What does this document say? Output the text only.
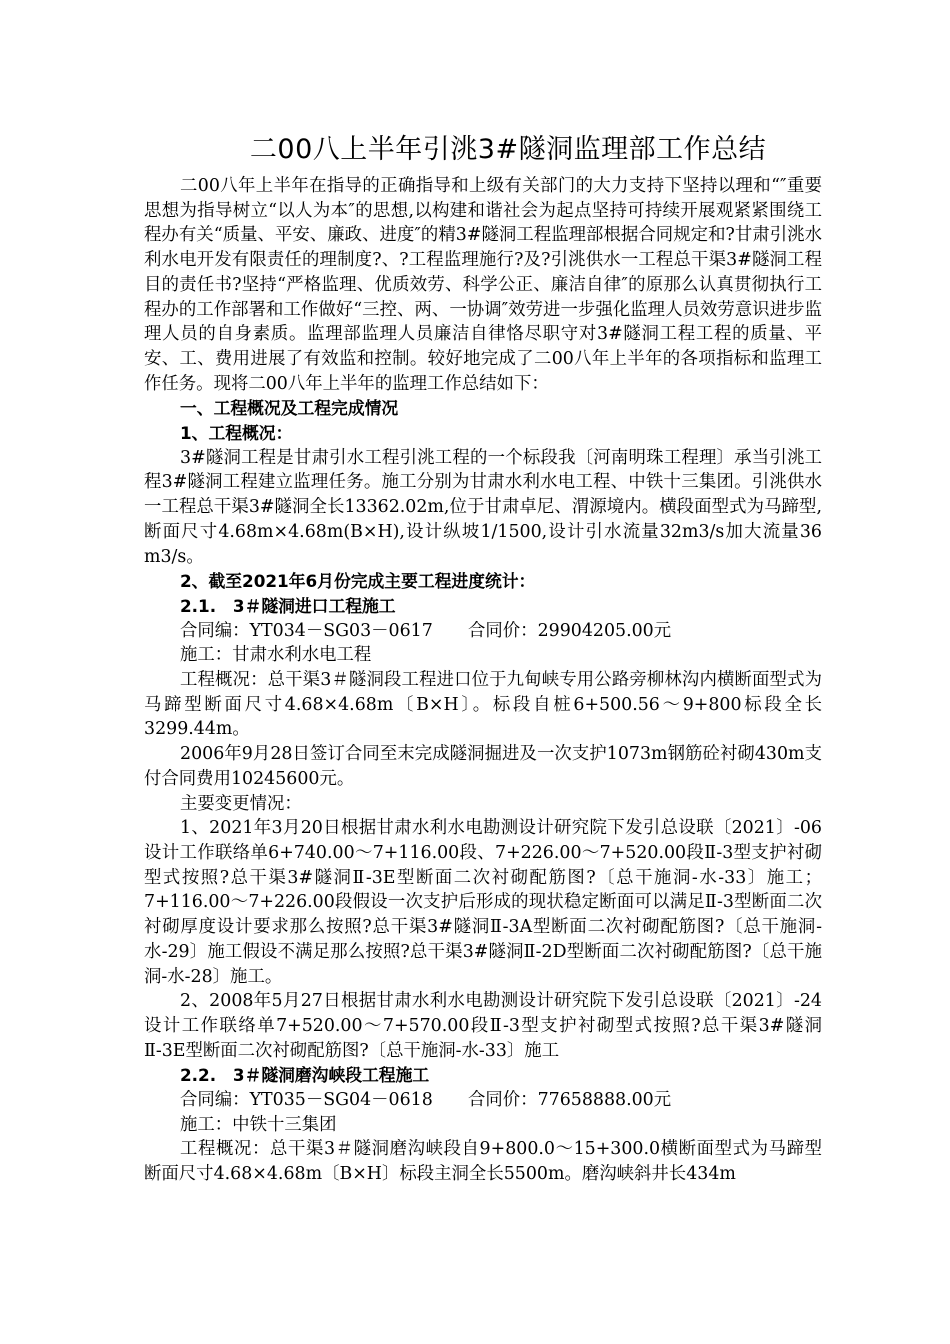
二00八上半年引洮3#隧洞监理部工作总结

二00八年上半年在指导的正确指导和上级有关部门的大力支持下坚持以理和“″重要思想为指导树立“以人为本″的思想,以构建和谐社会为起点坚持可持续开展观紧紧围绕工程办有关“质量、平安、廉政、进度″的精3#隧洞工程监理部根据合同规定和?甘肃引洮水利水电开发有限责任的理制度?、?工程监理施行?及?引洮供水一工程总干渠3#隧洞工程目的责任书?坚持“严格监理、优质效劳、科学公正、廉洁自律″的原那么认真贯彻执行工程办的工作部署和工作做好“三控、两、一协调″效劳进一步强化监理人员效劳意识进步监理人员的自身素质。监理部监理人员廉洁自律恪尽职守对3#隧洞工程工程的质量、平安、工、费用进展了有效监和控制。较好地完成了二00八年上半年的各项指标和监理工作任务。现将二00八年上半年的监理工作总结如下：

一、工程概况及工程完成情况

1、工程概况：

3#隧洞工程是甘肃引水工程引洮工程的一个标段我〔河南明珠工程理〕承当引洮工程3#隧洞工程建立监理任务。施工分别为甘肃水利水电工程、中铁十三集团。引洮供水一工程总干渠3#隧洞全长13362.02m,位于甘肃卓尼、渭源境内。横段面型式为马蹄型,断面尺寸4.68m×4.68m(B×H),设计纵坡1/1500,设计引水流量32m3/s加大流量36 m3/s。

2、截至2021年6月份完成主要工程进度统计：

2.1.　3＃隧洞进口工程施工

合同编：YT034－SG03－0617	合同价：29904205.00元

施工：甘肃水利水电工程

工程概况：总干渠3＃隧洞段工程进口位于九甸峡专用公路旁柳林沟内横断面型式为马蹄型断面尺寸4.68×4.68m〔B×H〕。标段自桩6+500.56～9+800标段全长3299.44m。

2006年9月28日签订合同至末完成隧洞掘进及一次支护1073m钢筋砼衬砌430m支付合同费用10245600元。

主要变更情况：

1、2021年3月20日根据甘肃水利水电勘测设计研究院下发引总设联〔2021〕-06设计工作联络单6+740.00～7+116.00段、7+226.00～7+520.00段Ⅱ-3型支护衬砌型式按照?总干渠3#隧洞Ⅱ-3E型断面二次衬砌配筋图?〔总干施洞-水-33〕施工；7+116.00～7+226.00段假设一次支护后形成的现状稳定断面可以满足Ⅱ-3型断面二次衬砌厚度设计要求那么按照?总干渠3#隧洞Ⅱ-3A型断面二次衬砌配筋图?〔总干施洞-水-29〕施工假设不满足那么按照?总干渠3#隧洞Ⅱ-2D型断面二次衬砌配筋图?〔总干施洞-水-28〕施工。

2、2008年5月27日根据甘肃水利水电勘测设计研究院下发引总设联〔2021〕-24设计工作联络单7+520.00～7+570.00段Ⅱ-3型支护衬砌型式按照?总干渠3#隧洞Ⅱ-3E型断面二次衬砌配筋图?〔总干施洞-水-33〕施工

2.2.　3＃隧洞磨沟峡段工程施工

合同编：YT035－SG04－0618	合同价：77658888.00元

施工：中铁十三集团

工程概况：总干渠3＃隧洞磨沟峡段自9+800.0～15+300.0横断面型式为马蹄型断面尺寸4.68×4.68m〔B×H〕标段主洞全长5500m。磨沟峡斜井长434m
